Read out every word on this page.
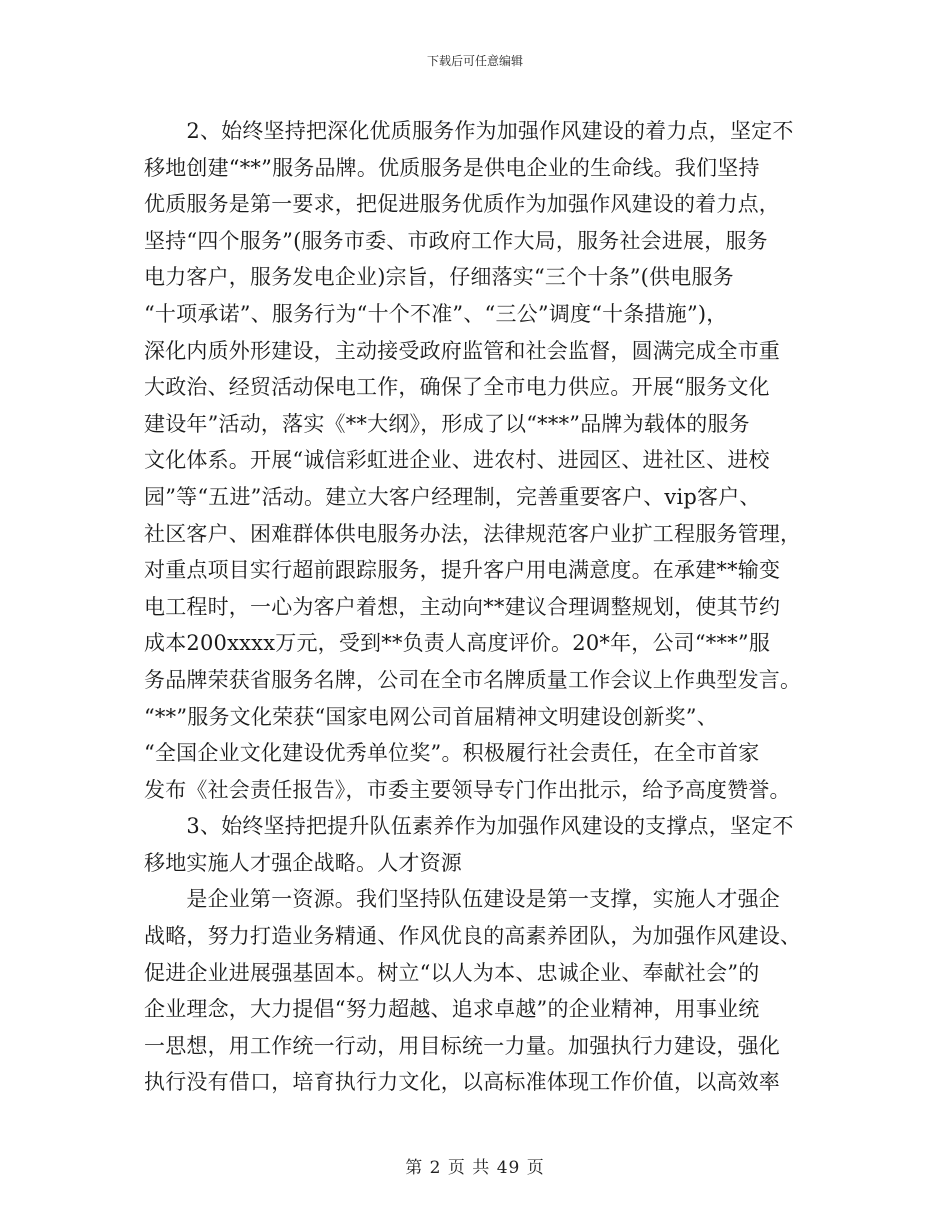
下载后可任意编辑
　　2、始终坚持把深化优质服务作为加强作风建设的着力点，坚定不
移地创建“**”服务品牌。优质服务是供电企业的生命线。我们坚持
优质服务是第一要求，把促进服务优质作为加强作风建设的着力点，
坚持“四个服务”(服务市委、市政府工作大局，服务社会进展，服务
电力客户，服务发电企业)宗旨，仔细落实“三个十条”(供电服务
“十项承诺”、服务行为“十个不准”、“三公”调度“十条措施”)，
深化内质外形建设，主动接受政府监管和社会监督，圆满完成全市重
大政治、经贸活动保电工作，确保了全市电力供应。开展“服务文化
建设年”活动，落实《**大纲》，形成了以“***”品牌为载体的服务
文化体系。开展“诚信彩虹进企业、进农村、进园区、进社区、进校
园”等“五进”活动。建立大客户经理制，完善重要客户、vip客户、
社区客户、困难群体供电服务办法，法律规范客户业扩工程服务管理，
对重点项目实行超前跟踪服务，提升客户用电满意度。在承建**输变
电工程时，一心为客户着想，主动向**建议合理调整规划，使其节约
成本200xxxx万元，受到**负责人高度评价。20*年，公司“***”服
务品牌荣获省服务名牌，公司在全市名牌质量工作会议上作典型发言。
“**”服务文化荣获“国家电网公司首届精神文明建设创新奖”、
“全国企业文化建设优秀单位奖”。积极履行社会责任，在全市首家
发布《社会责任报告》，市委主要领导专门作出批示，给予高度赞誉。
　　3、始终坚持把提升队伍素养作为加强作风建设的支撑点，坚定不
移地实施人才强企战略。人才资源
　　是企业第一资源。我们坚持队伍建设是第一支撑，实施人才强企
战略，努力打造业务精通、作风优良的高素养团队，为加强作风建设、
促进企业进展强基固本。树立“以人为本、忠诚企业、奉献社会”的
企业理念，大力提倡“努力超越、追求卓越”的企业精神，用事业统
一思想，用工作统一行动，用目标统一力量。加强执行力建设，强化
执行没有借口，培育执行力文化，以高标准体现工作价值，以高效率
第 2 页 共 49 页
